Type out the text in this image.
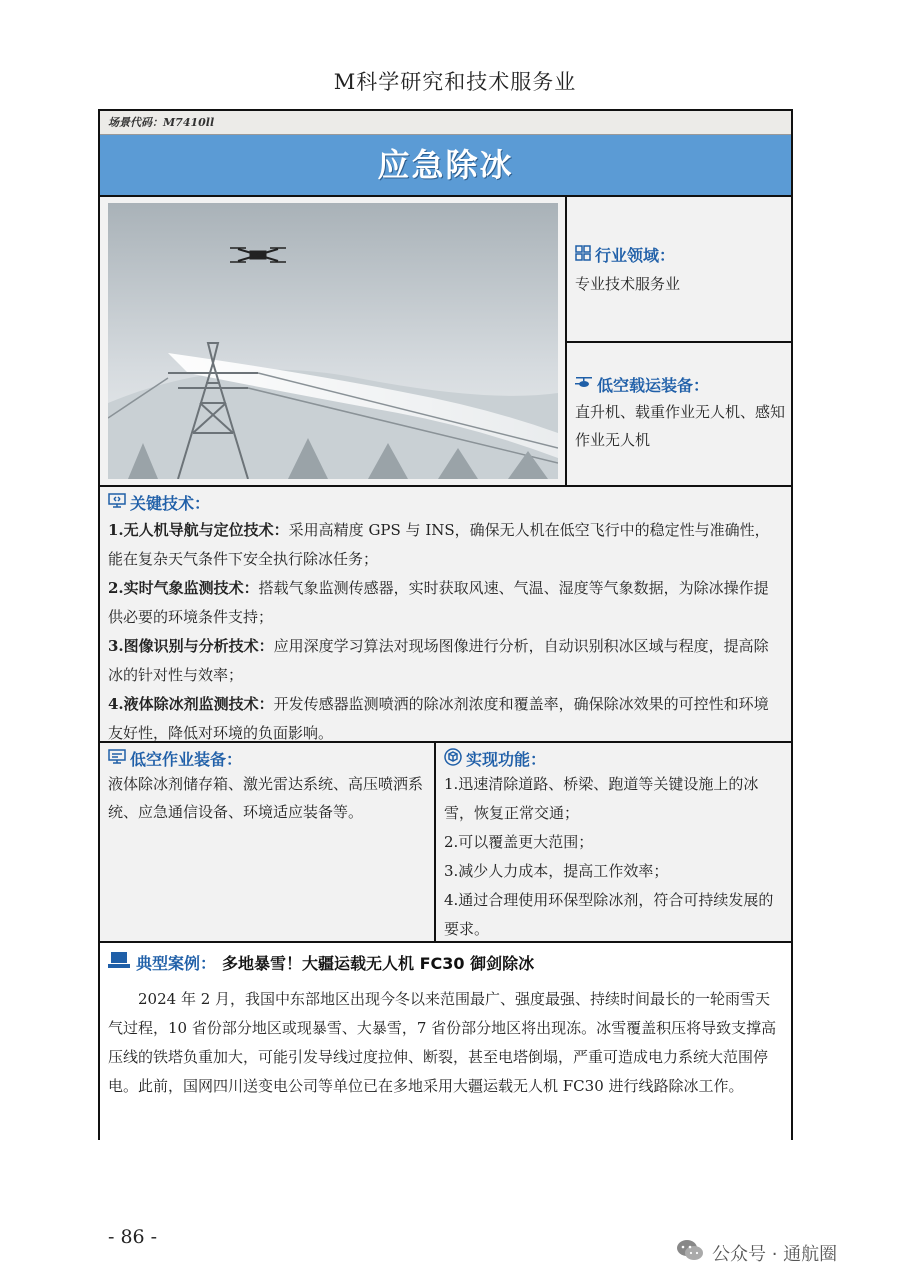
M科学研究和技术服务业
场景代码：M7410ll
应急除冰
行业领域：
专业技术服务业
低空载运装备：
直升机、载重作业无人机、感知作业无人机
关键技术：

1.无人机导航与定位技术：采用高精度 GPS 与 INS，确保无人机在低空飞行中的稳定性与准确性，能在复杂天气条件下安全执行除冰任务；

2.实时气象监测技术：搭载气象监测传感器，实时获取风速、气温、湿度等气象数据，为除冰操作提供必要的环境条件支持；

3.图像识别与分析技术：应用深度学习算法对现场图像进行分析，自动识别积冰区域与程度，提高除冰的针对性与效率；

4.液体除冰剂监测技术：开发传感器监测喷洒的除冰剂浓度和覆盖率，确保除冰效果的可控性和环境友好性，降低对环境的负面影响。

低空作业装备：
液体除冰剂储存箱、激光雷达系统、高压喷洒系统、应急通信设备、环境适应装备等。
实现功能：

1.迅速清除道路、桥梁、跑道等关键设施上的冰雪，恢复正常交通；

2.可以覆盖更大范围；

3.减少人力成本，提高工作效率；

4.通过合理使用环保型除冰剂，符合可持续发展的要求。

典型案例： 多地暴雪！大疆运载无人机 FC30 御剑除冰
2024 年 2 月，我国中东部地区出现今冬以来范围最广、强度最强、持续时间最长的一轮雨雪天气过程，10 省份部分地区或现暴雪、大暴雪，7 省份部分地区将出现冻。冰雪覆盖积压将导致支撑高压线的铁塔负重加大，可能引发导线过度拉伸、断裂，甚至电塔倒塌，严重可造成电力系统大范围停电。此前，国网四川送变电公司等单位已在多地采用大疆运载无人机 FC30 进行线路除冰工作。
- 86 -
公众号 · 通航圈
